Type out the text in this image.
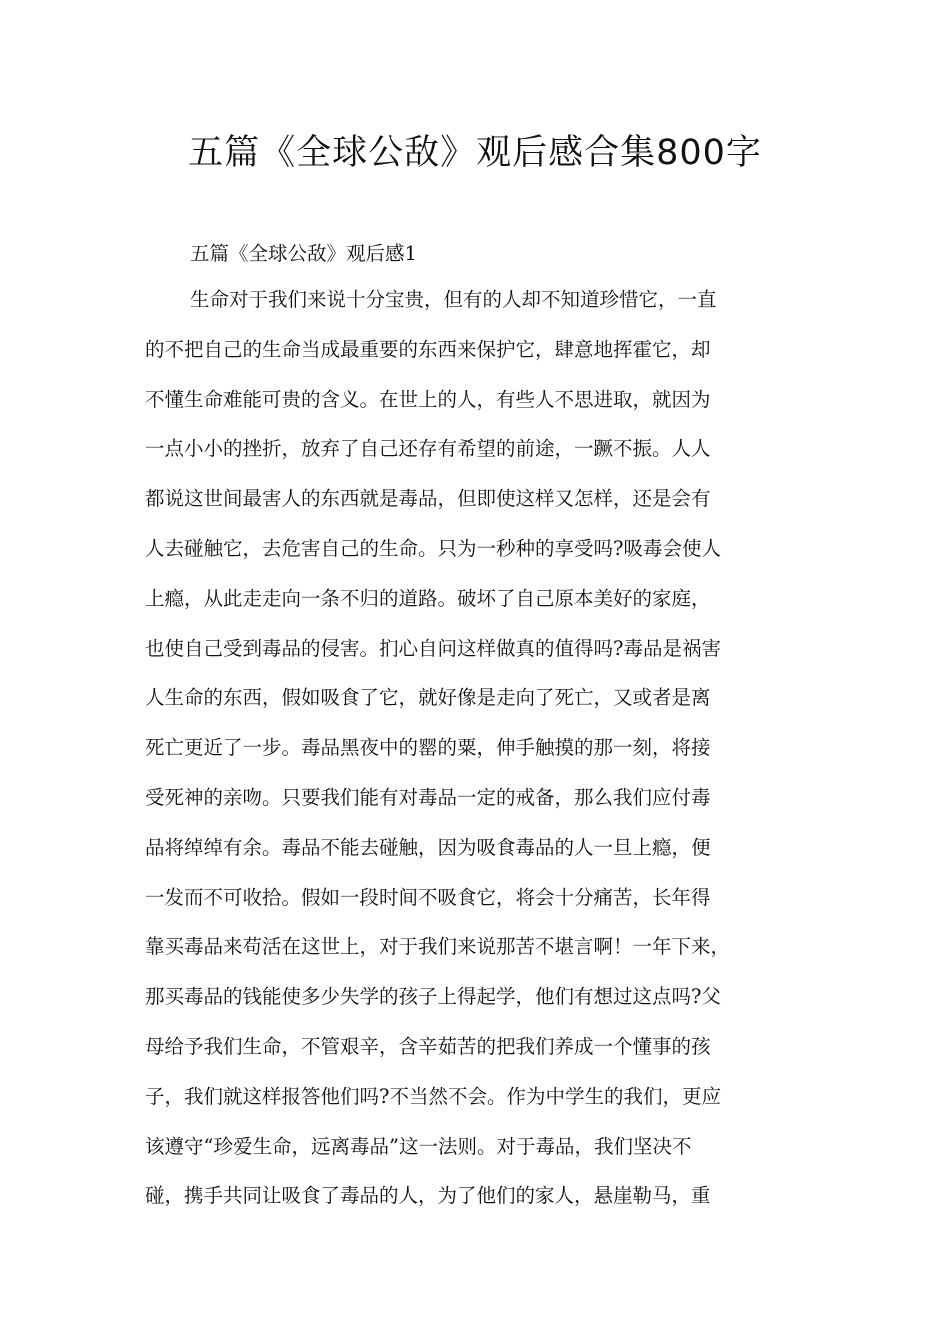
五篇《全球公敌》观后感合集800字
五篇《全球公敌》观后感1
生命对于我们来说十分宝贵，但有的人却不知道珍惜它，一直
的不把自己的生命当成最重要的东西来保护它，肆意地挥霍它，却
不懂生命难能可贵的含义。在世上的人，有些人不思进取，就因为
一点小小的挫折，放弃了自己还存有希望的前途，一蹶不振。人人
都说这世间最害人的东西就是毒品，但即使这样又怎样，还是会有
人去碰触它，去危害自己的生命。只为一秒种的享受吗?吸毒会使人
上瘾，从此走走向一条不归的道路。破坏了自己原本美好的家庭，
也使自己受到毒品的侵害。扪心自问这样做真的值得吗?毒品是祸害
人生命的东西，假如吸食了它，就好像是走向了死亡，又或者是离
死亡更近了一步。毒品黑夜中的罂的粟，伸手触摸的那一刻，将接
受死神的亲吻。只要我们能有对毒品一定的戒备，那么我们应付毒
品将绰绰有余。毒品不能去碰触，因为吸食毒品的人一旦上瘾，便
一发而不可收拾。假如一段时间不吸食它，将会十分痛苦，长年得
靠买毒品来苟活在这世上，对于我们来说那苦不堪言啊！一年下来，
那买毒品的钱能使多少失学的孩子上得起学，他们有想过这点吗?父
母给予我们生命，不管艰辛，含辛茹苦的把我们养成一个懂事的孩
子，我们就这样报答他们吗?不当然不会。作为中学生的我们，更应
该遵守“珍爱生命，远离毒品”这一法则。对于毒品，我们坚决不
碰，携手共同让吸食了毒品的人，为了他们的家人，悬崖勒马，重
